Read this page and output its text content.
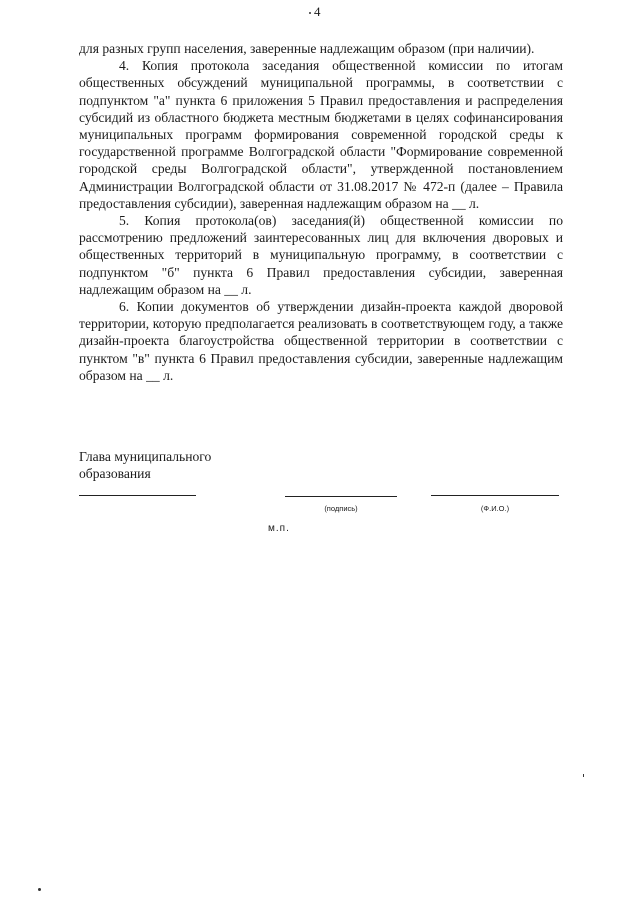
4

для разных групп населения, заверенные надлежащим образом (при наличии).

4. Копия протокола заседания общественной комиссии по итогам общественных обсуждений муниципальной программы, в соответствии с подпунктом "а" пункта 6 приложения 5 Правил предоставления и распределения субсидий из областного бюджета местным бюджетами в целях софинансирования муниципальных программ формирования современной городской среды к государственной программе Волгоградской области "Формирование современной городской среды Волгоградской области", утвержденной постановлением Администрации Волгоградской области от 31.08.2017 № 472-п (далее – Правила предоставления субсидии), заверенная надлежащим образом на __ л.

5. Копия протокола(ов) заседания(й) общественной комиссии по рассмотрению предложений заинтересованных лиц для включения дворовых и общественных территорий в муниципальную программу, в соответствии с подпунктом "б" пункта 6 Правил предоставления субсидии, заверенная надлежащим образом на __ л.

6. Копии документов об утверждении дизайн-проекта каждой дворовой территории, которую предполагается реализовать в соответствующем году, а также дизайн-проекта благоустройства общественной территории в соответствии с пунктом "в" пункта 6 Правил предоставления субсидии, заверенные надлежащим образом на __ л.

Глава муниципального
образования
(подпись)	(Ф.И.О.)
м.п.
